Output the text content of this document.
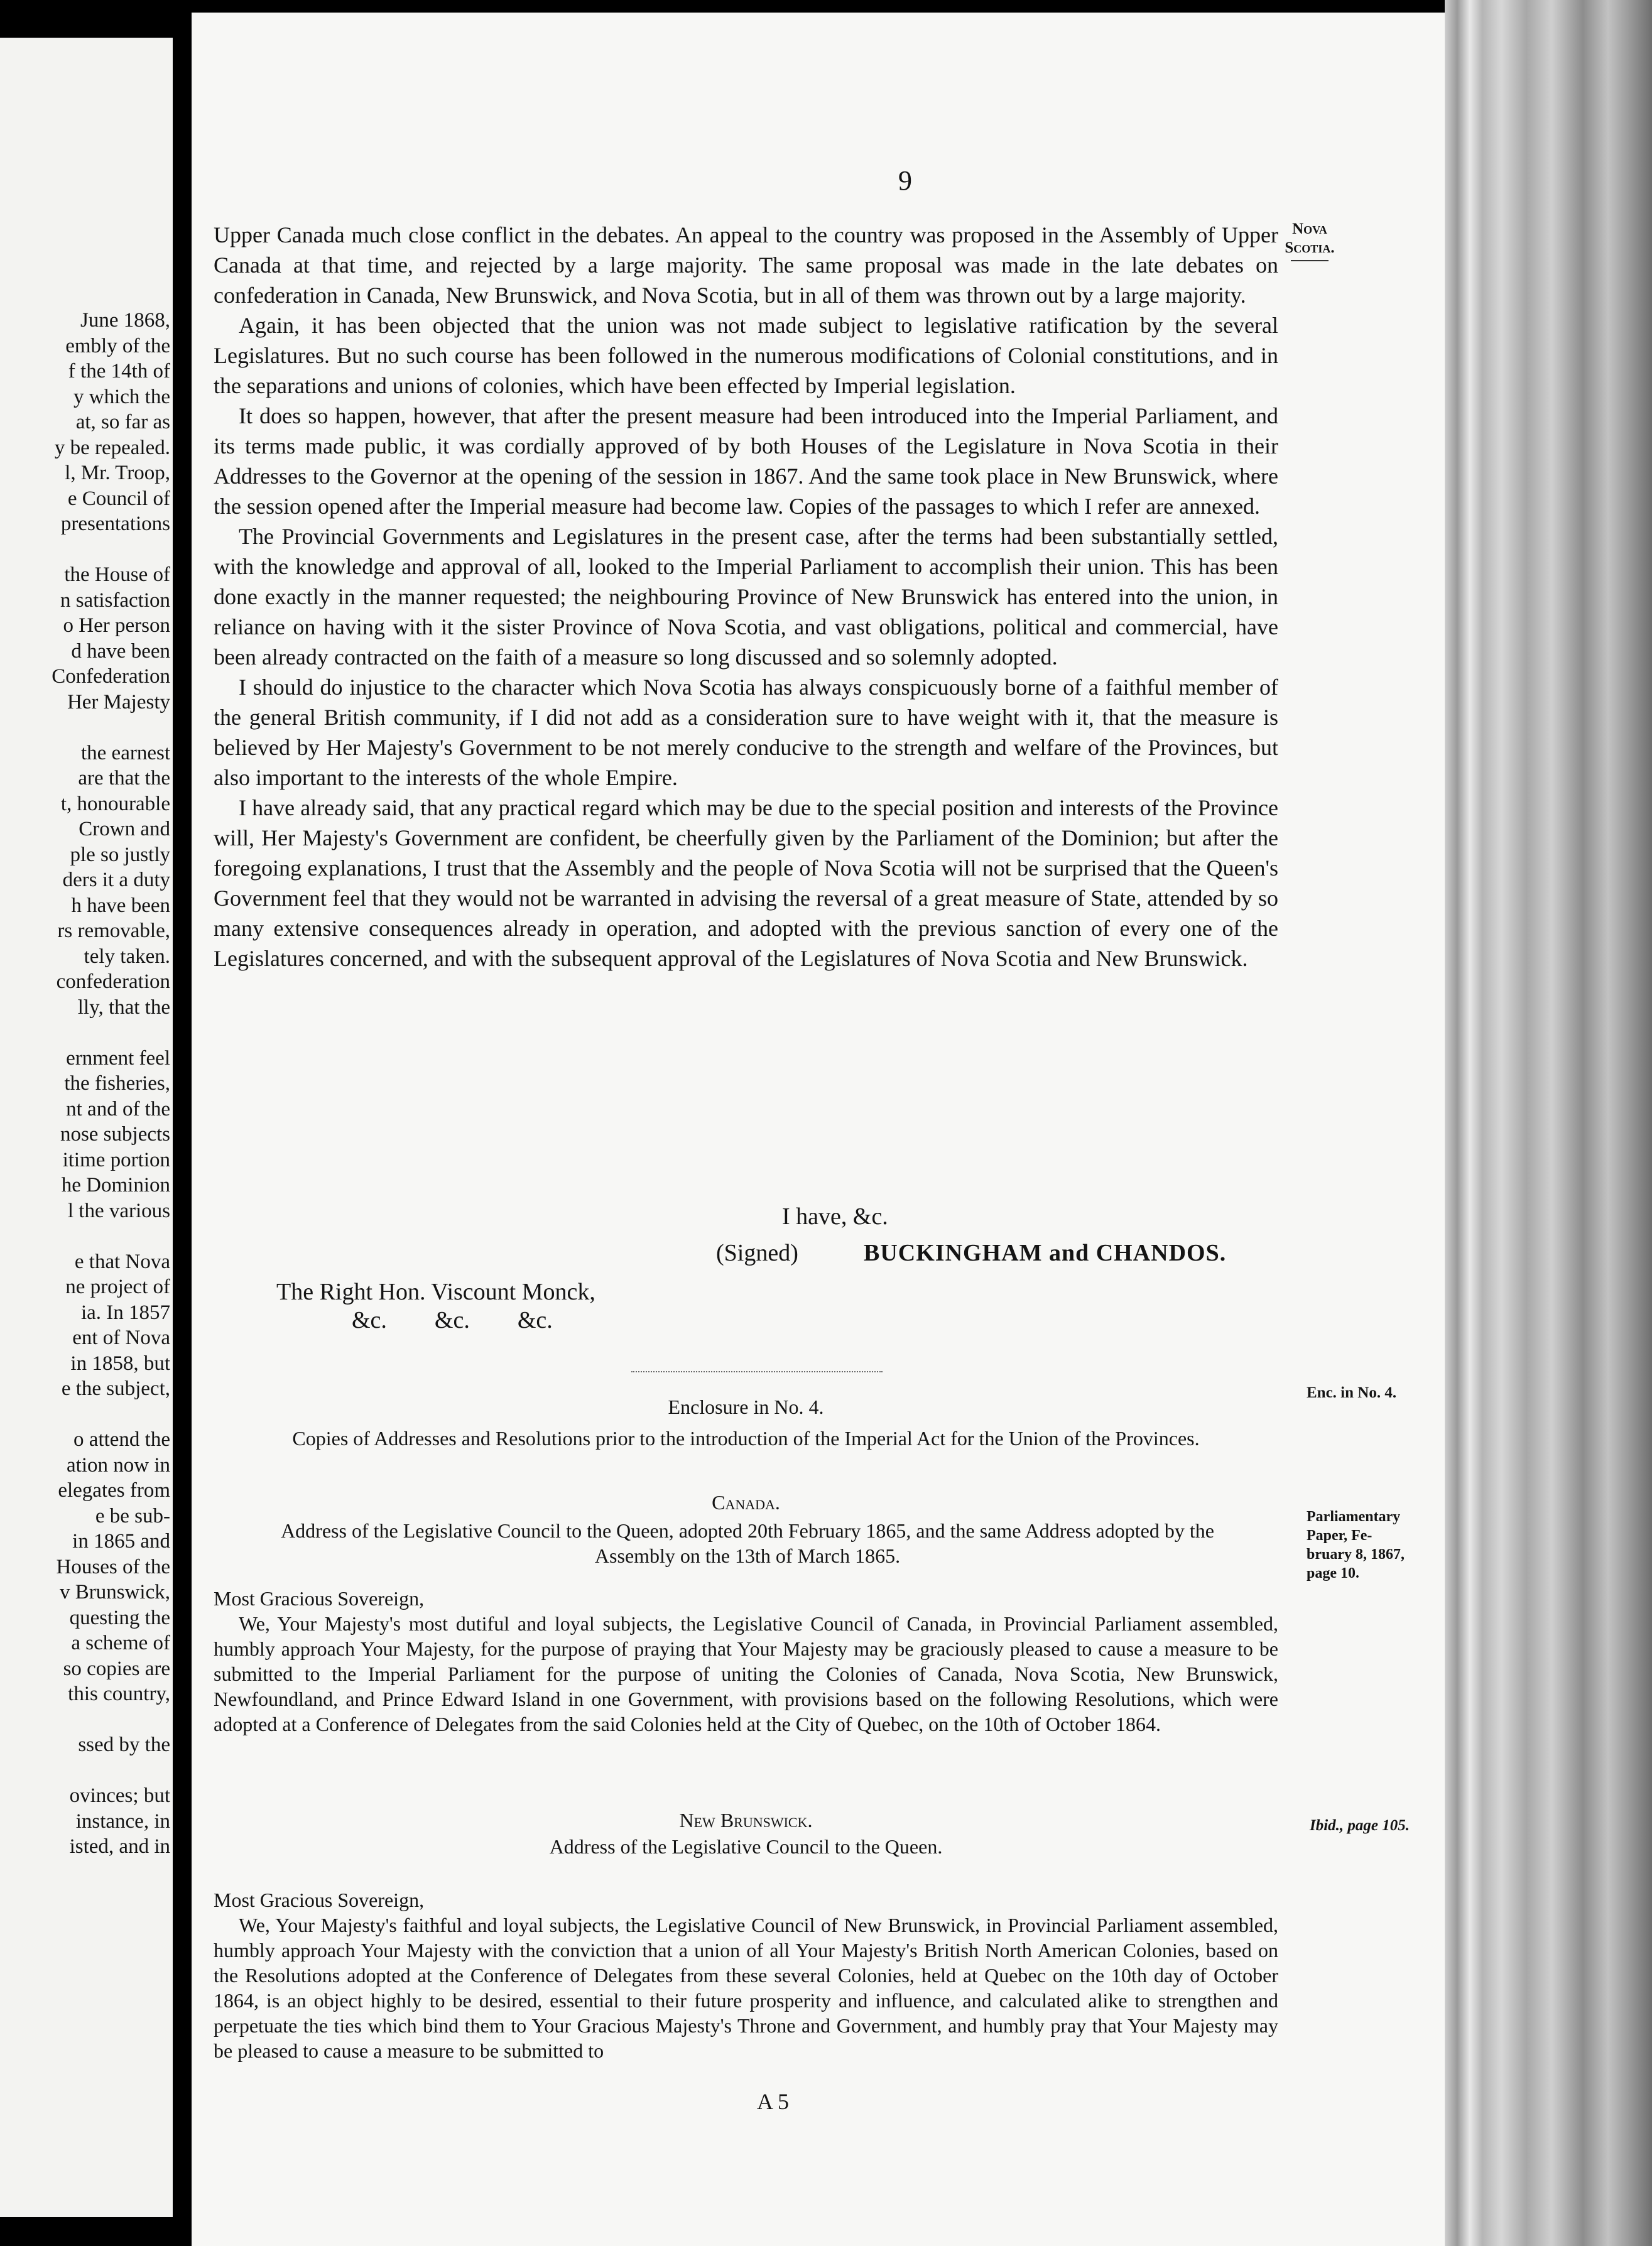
June 1868,
embly of the
f the 14th of
y which the
at, so far as
y be repealed.
l, Mr. Troop,
e Council of
presentations
the House of
n satisfaction
o Her person
d have been
Confederation
Her Majesty
the earnest
are that the
t, honourable
Crown and
ple so justly
ders it a duty
h have been
rs removable,
tely taken.
confederation
lly, that the
ernment feel
the fisheries,
nt and of the
nose subjects
itime portion
he Dominion
l the various
e that Nova
ne project of
ia. In 1857
ent of Nova
in 1858, but
e the subject,
o attend the
ation now in
elegates from
e be sub-
in 1865 and
Houses of the
v Brunswick,
questing the
a scheme of
so copies are
this country,
ssed by the
ovinces; but
instance, in
isted, and in
9
Nova
Scotia.

Upper Canada much close conflict in the debates. An appeal to the country was proposed in the Assembly of Upper Canada at that time, and rejected by a large majority. The same proposal was made in the late debates on confederation in Canada, New Brunswick, and Nova Scotia, but in all of them was thrown out by a large majority.

Again, it has been objected that the union was not made subject to legislative ratification by the several Legislatures. But no such course has been followed in the numerous modifications of Colonial constitutions, and in the separations and unions of colonies, which have been effected by Imperial legislation.

It does so happen, however, that after the present measure had been introduced into the Imperial Parliament, and its terms made public, it was cordially approved of by both Houses of the Legislature in Nova Scotia in their Addresses to the Governor at the opening of the session in 1867. And the same took place in New Brunswick, where the session opened after the Imperial measure had become law. Copies of the passages to which I refer are annexed.

The Provincial Governments and Legislatures in the present case, after the terms had been substantially settled, with the knowledge and approval of all, looked to the Imperial Parliament to accomplish their union. This has been done exactly in the manner requested; the neighbouring Province of New Brunswick has entered into the union, in reliance on having with it the sister Province of Nova Scotia, and vast obligations, political and commercial, have been already contracted on the faith of a measure so long discussed and so solemnly adopted.

I should do injustice to the character which Nova Scotia has always conspicuously borne of a faithful member of the general British community, if I did not add as a consideration sure to have weight with it, that the measure is believed by Her Majesty's Government to be not merely conducive to the strength and welfare of the Provinces, but also important to the interests of the whole Empire.

I have already said, that any practical regard which may be due to the special position and interests of the Province will, Her Majesty's Government are confident, be cheerfully given by the Parliament of the Dominion; but after the foregoing explanations, I trust that the Assembly and the people of Nova Scotia will not be surprised that the Queen's Government feel that they would not be warranted in advising the reversal of a great measure of State, attended by so many extensive consequences already in operation, and adopted with the previous sanction of every one of the Legislatures concerned, and with the subsequent approval of the Legislatures of Nova Scotia and New Brunswick.

I have, &c.
(Signed)	BUCKINGHAM and CHANDOS.
The Right Hon. Viscount Monck,
&c.        &c.        &c.
Enc. in No. 4.
Enclosure in No. 4.
Copies of Addresses and Resolutions prior to the introduction of the Imperial Act for the Union of the Provinces.
Canada.
Address of the Legislative Council to the Queen, adopted 20th February 1865, and the same Address adopted by the Assembly on the 13th of March 1865.
Parliamentary
Paper, Fe-
bruary 8, 1867,
page 10.

Most Gracious Sovereign,

We, Your Majesty's most dutiful and loyal subjects, the Legislative Council of Canada, in Provincial Parliament assembled, humbly approach Your Majesty, for the purpose of praying that Your Majesty may be graciously pleased to cause a measure to be submitted to the Imperial Parliament for the purpose of uniting the Colonies of Canada, Nova Scotia, New Brunswick, Newfoundland, and Prince Edward Island in one Government, with provisions based on the following Resolutions, which were adopted at a Conference of Delegates from the said Colonies held at the City of Quebec, on the 10th of October 1864.

New Brunswick.
Address of the Legislative Council to the Queen.
Ibid., page 105.

Most Gracious Sovereign,

We, Your Majesty's faithful and loyal subjects, the Legislative Council of New Brunswick, in Provincial Parliament assembled, humbly approach Your Majesty with the conviction that a union of all Your Majesty's British North American Colonies, based on the Resolutions adopted at the Conference of Delegates from these several Colonies, held at Quebec on the 10th day of October 1864, is an object highly to be desired, essential to their future prosperity and influence, and calculated alike to strengthen and perpetuate the ties which bind them to Your Gracious Majesty's Throne and Government, and humbly pray that Your Majesty may be pleased to cause a measure to be submitted to

A 5
